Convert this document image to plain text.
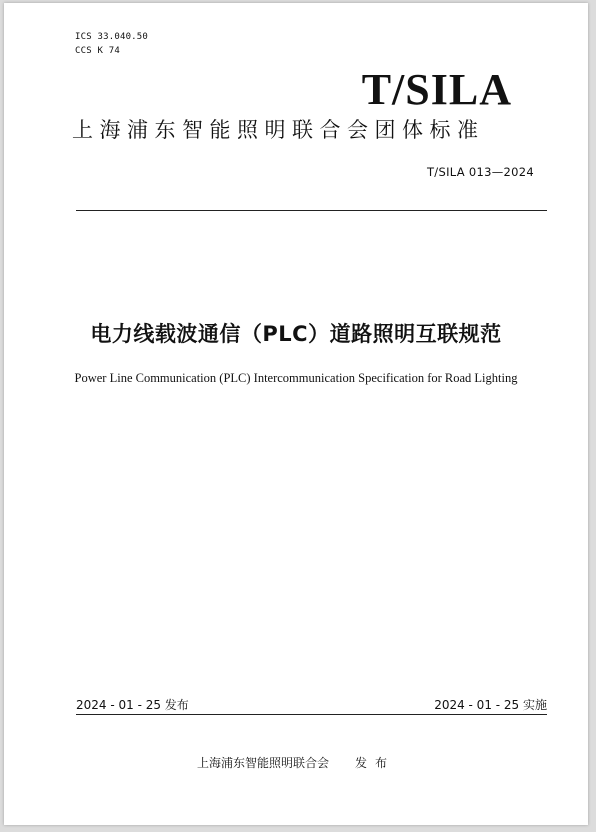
ICS 33.040.50
CCS K 74
T/SILA
上海浦东智能照明联合会团体标准
T/SILA 013—2024
电力线载波通信（PLC）道路照明互联规范
Power Line Communication (PLC) Intercommunication Specification for Road Lighting
2024 - 01 - 25 发布	2024 - 01 - 25 实施
上海浦东智能照明联合会 发布
